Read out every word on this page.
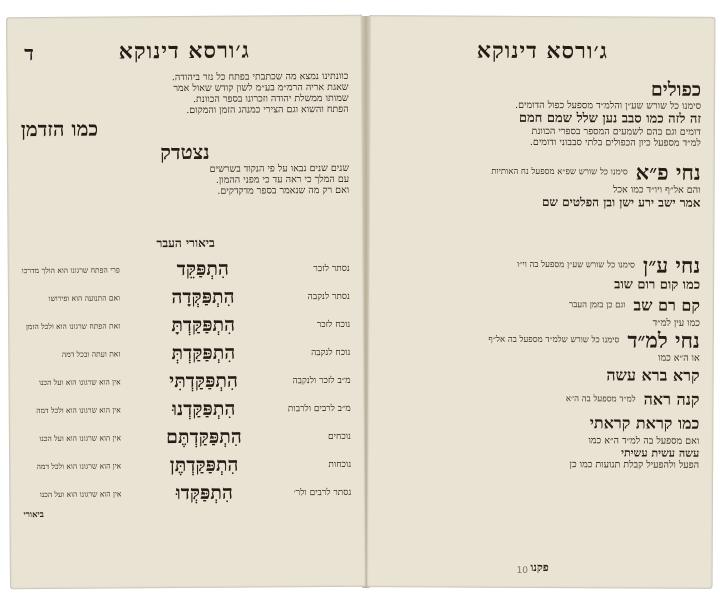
ג׳ורסא דינוקא
ד
כוונתינו נמצא מה שכתבתי בפתח כל נזר ביהודה.
שאגת אריה הרמ״מ בע״מ לשון קודש שאול אמר
שמותו ממשלת יהודה וזכרונו בספר הכוונת.
הפתח והשוא וגם הצירי כמנהג הזמן והמקום.
כמו הזדמן
נצטדק
שנים שנים נבאו על פי הנקוד בשרשים
עם המלך כי ראה עד כי מפני ההמון.
ואם רק מה שנאמר בספר מדקדקים.
ביאורי העבר
נסתר לזכר
הִתְפַּקֵּד
פרי הפתח שרגונו הוא הולך מדרכו
נסתר לנקבה
הִתְפַּקְּדָה
ואם התנועה הוא ופירושו
נוכח לזכר
הִתְפַּקַּדְתָּ
זאת הפתח שרגונו הוא ולכל הזמן
נוכח לנקבה
הִתְפַּקַּדְתְּ
זאת ועתה ובכל דמה
מ״ב לזכר ולנקבה
הִתְפַּקַּדְתִּי
אין הוא שרגונו הוא ועל הכנו
מ״ב לרבים ולרבות
הִתְפַּקַּדְנוּ
אין הוא שרגונו הוא ולכל דמה
נוכחים
הִתְפַּקַּדְתֶּם
אין הוא שרגונו הוא ועל הכנו
נוכחות
הִתְפַּקַּדְתֶּן
אין הוא שרגונו הוא ולכל דמה
נסתר לרבים ולר׳
הִתְפַּקְּדוּ
אין הוא שרגונו הוא ועל הכנו
ביאורי
ג׳ורסא דינוקא
כפולים
סימנו כל שורש שע״ן והלמ״ד מספעל כפול הדומים.
זה לזה כמו סבב נען שלל שמם חמם
דומים וגם בהם לשמעים המספר בספרי הכוונת
למ״ד מספעל כיון הכפולים בלתי סבבוני ודומים.
נחי פ״א
סימנו כל שורש שפ״א מספעל נח האותיות
והם אל״ף ויו״ד כמו אכל
אמר ישב ירע ישן ובן הפלטים שם
נחי ע״ן
סימנו כל שורש שע״ן מספעל בה וי״ו
כמו קום רום שוב
קם רם שב
וגם כן בזמן העבר
כמו עין למ״ד
נחי למ״ד
סימנו כל שורש שלמ״ד מספעל בה אל״ף
או ה״א כמו
קרא ברא עשה
קנה ראה
למ״ד מספעל בה ה״א
כמו קראת קראתי
ואם מספעל בה למ״ד ה״א כמו
עשה עשית עשיתי
הפעל ולהפעיל קבלת תנועות כמו כן
פקנו
10
